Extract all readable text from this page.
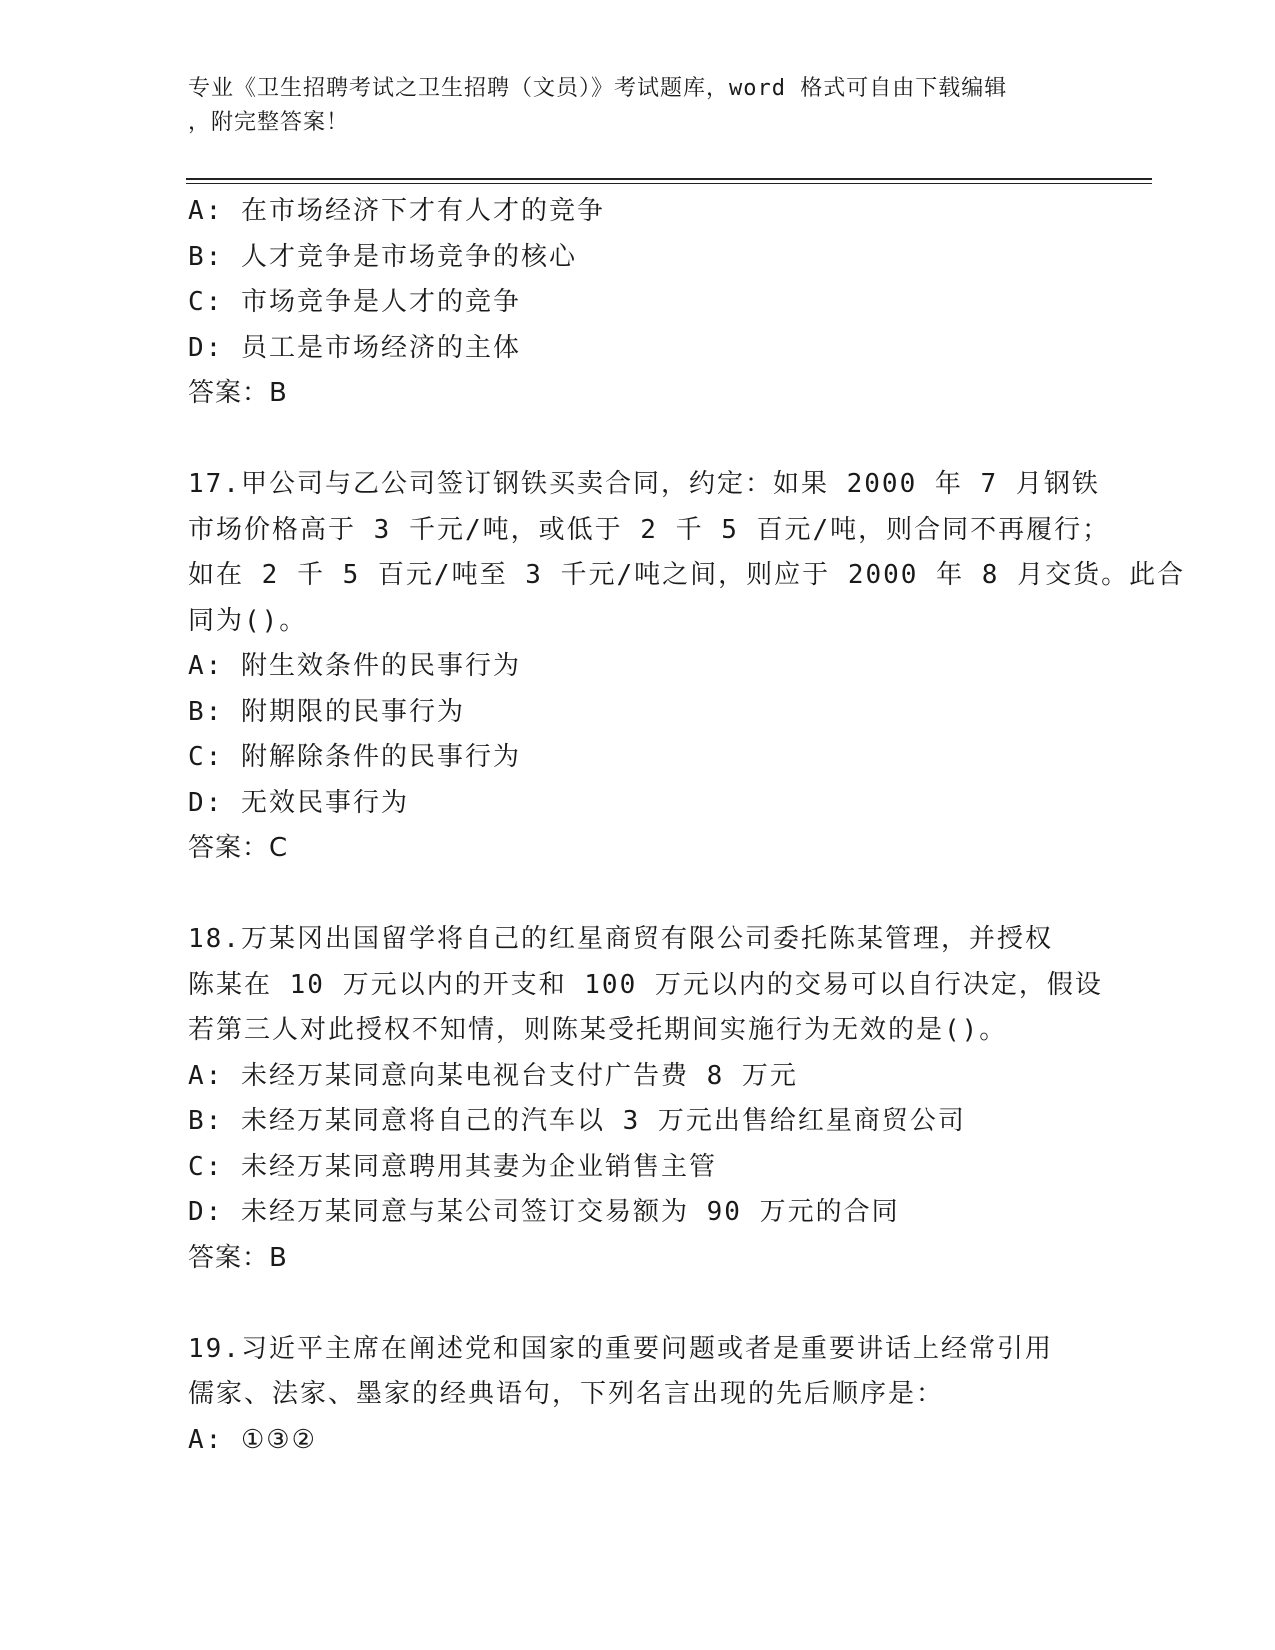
专业《卫生招聘考试之卫生招聘（文员）》考试题库，word 格式可自由下载编辑
，附完整答案！
A: 在市场经济下才有人才的竞争
B: 人才竞争是市场竞争的核心
C: 市场竞争是人才的竞争
D: 员工是市场经济的主体
答案：B
17.甲公司与乙公司签订钢铁买卖合同，约定：如果 2000 年 7 月钢铁
市场价格高于 3 千元/吨，或低于 2 千 5 百元/吨，则合同不再履行；
如在 2 千 5 百元/吨至 3 千元/吨之间，则应于 2000 年 8 月交货。此合
同为()。
A: 附生效条件的民事行为
B: 附期限的民事行为
C: 附解除条件的民事行为
D: 无效民事行为
答案：C
18.万某冈出国留学将自己的红星商贸有限公司委托陈某管理，并授权
陈某在 10 万元以内的开支和 100 万元以内的交易可以自行决定，假设
若第三人对此授权不知情，则陈某受托期间实施行为无效的是()。
A: 未经万某同意向某电视台支付广告费 8 万元
B: 未经万某同意将自己的汽车以 3 万元出售给红星商贸公司
C: 未经万某同意聘用其妻为企业销售主管
D: 未经万某同意与某公司签订交易额为 90 万元的合同
答案：B
19.习近平主席在阐述党和国家的重要问题或者是重要讲话上经常引用
儒家、法家、墨家的经典语句，下列名言出现的先后顺序是：
A: ①③②
